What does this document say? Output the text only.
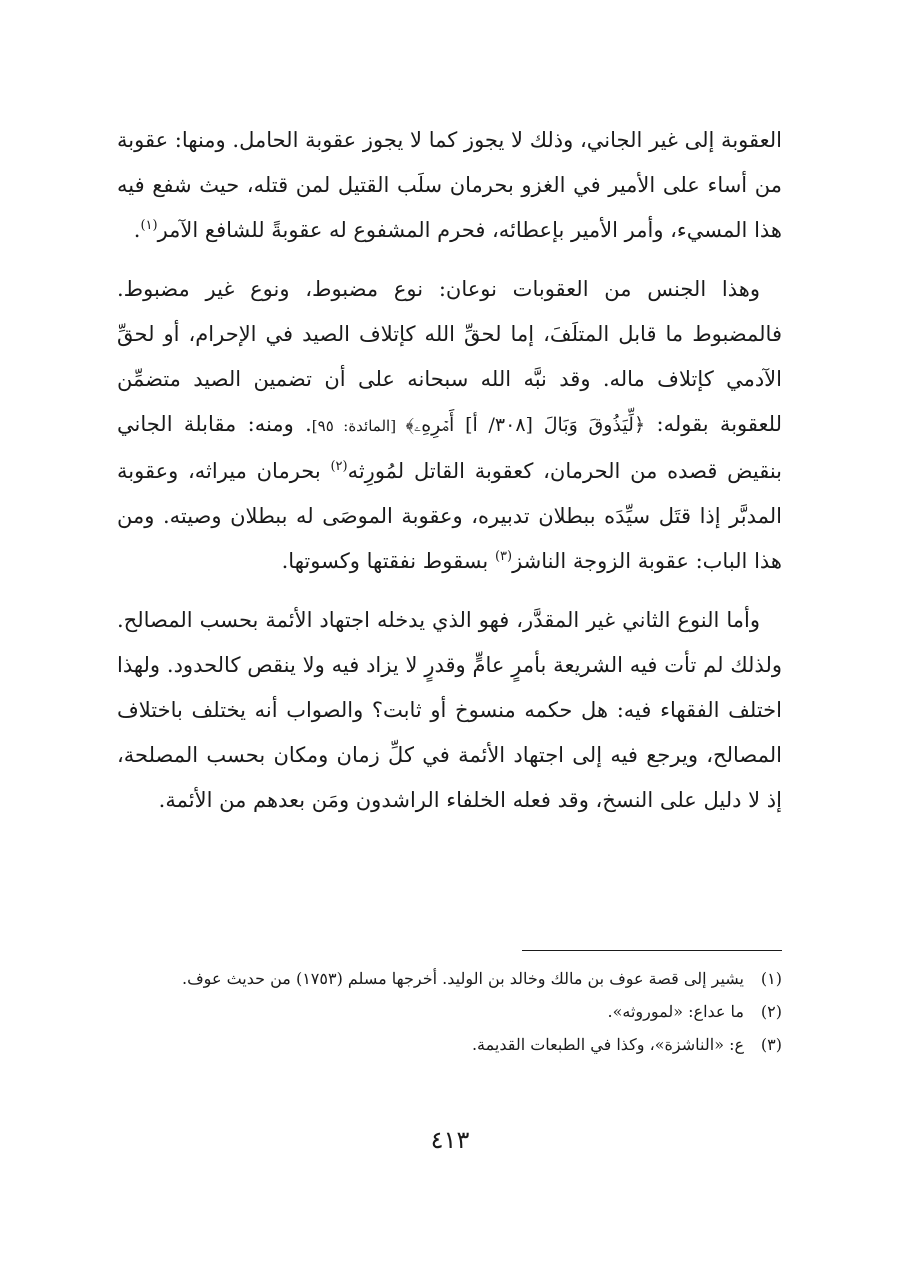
العقوبة إلى غير الجاني، وذلك لا يجوز كما لا يجوز عقوبة الحامل. ومنها: عقوبة من أساء على الأمير في الغزو بحرمان سلَب القتيل لمن قتله، حيث شفع فيه هذا المسيء، وأمر الأمير بإعطائه، فحرم المشفوع له عقوبةً للشافع الآمر$^{(١)}$.

وهذا الجنس من العقوبات نوعان: نوع مضبوط، ونوع غير مضبوط. فالمضبوط ما قابل المتلَفَ، إما لحقِّ الله كإتلاف الصيد في الإحرام، أو لحقِّ الآدمي كإتلاف ماله. وقد نبَّه الله سبحانه على أن تضمين الصيد متضمِّن للعقوبة بقوله: ﴿لِّيَذُوقَ وَبَالَ [٣٠٨/ أ] أَمۡرِهِۦ﴾ [المائدة: ٩٥]. ومنه: مقابلة الجاني بنقيض قصده من الحرمان، كعقوبة القاتل لمُورِثه$^{(٢)}$ بحرمان ميراثه، وعقوبة المدبَّر إذا قتَل سيِّدَه ببطلان تدبيره، وعقوبة الموصَى له ببطلان وصيته. ومن هذا الباب: عقوبة الزوجة الناشز$^{(٣)}$ بسقوط نفقتها وكسوتها.

وأما النوع الثاني غير المقدَّر، فهو الذي يدخله اجتهاد الأئمة بحسب المصالح. ولذلك لم تأت فيه الشريعة بأمرٍ عامٍّ وقدرٍ لا يزاد فيه ولا ينقص كالحدود. ولهذا اختلف الفقهاء فيه: هل حكمه منسوخ أو ثابت؟ والصواب أنه يختلف باختلاف المصالح، ويرجع فيه إلى اجتهاد الأئمة في كلِّ زمان ومكان بحسب المصلحة، إذ لا دليل على النسخ، وقد فعله الخلفاء الراشدون ومَن بعدهم من الأئمة.

(١)
يشير إلى قصة عوف بن مالك وخالد بن الوليد. أخرجها مسلم (١٧٥٣) من حديث عوف.

(٢)
ما عداع: «لموروثه».

(٣)
ع: «الناشزة»، وكذا في الطبعات القديمة.

٤١٣
